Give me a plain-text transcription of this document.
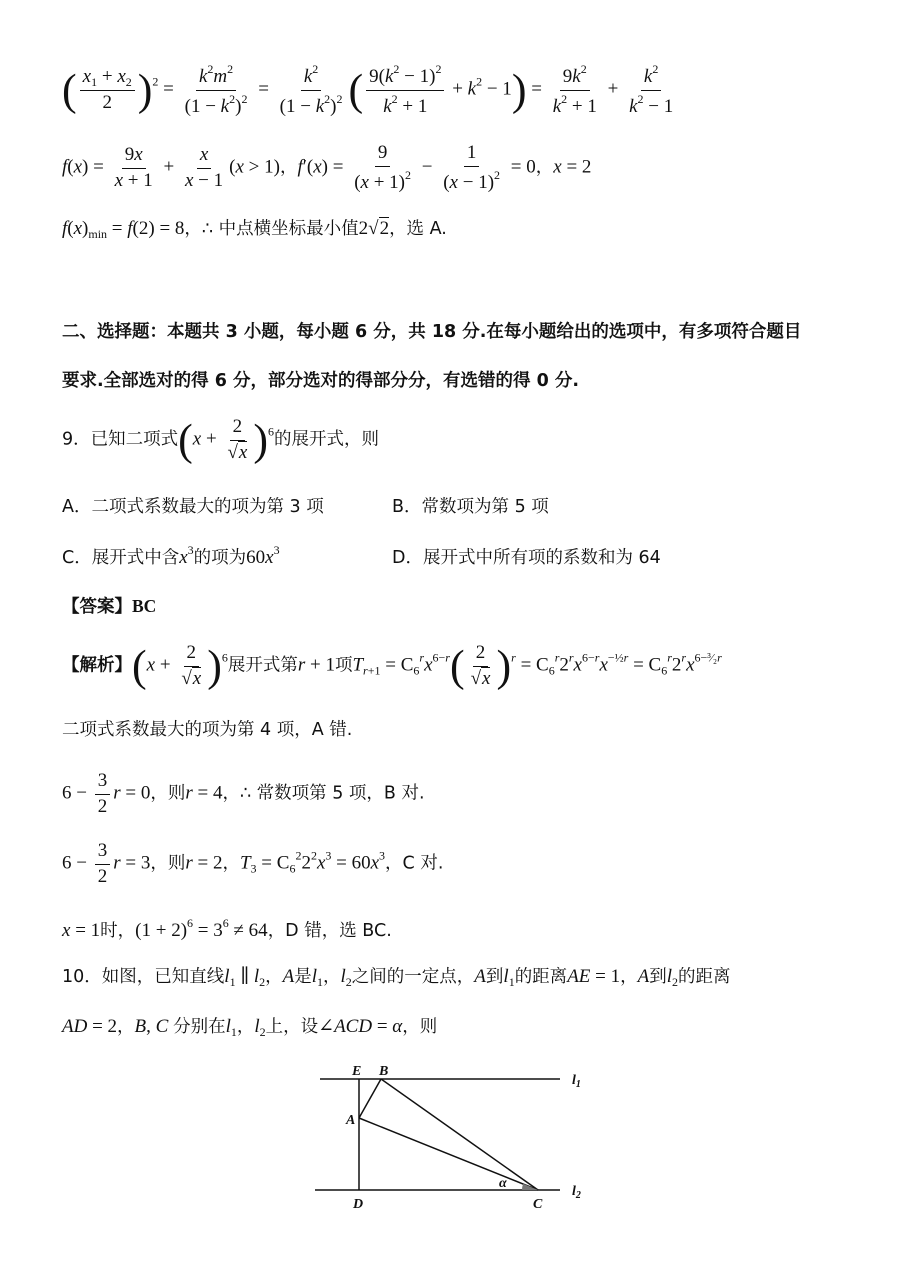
( $\frac{x_1 + x_2}{2} )^2 = \frac{k^2m^2}{(1 - k^2)^2} = \frac{k^2}{(1 - k^2)^2}$ ( $\frac{9(k^2 - 1)^2}{k^2 + 1} + k^2 - 1) = \frac{9k^2}{k^2 + 1} + \frac{k^2}{k^2 - 1}$
$f(x) = \frac{9x}{x + 1} + \frac{x}{x - 1} (x > 1)$，$f'(x) = \frac{9}{(x + 1)^2} - \frac{1}{(x - 1)^2} = 0$，x = 2
$f(x)_{min} = f(2) = 8$，∴ 中点横坐标最小值2√2，选 A.
二、选择题：本题共 3 小题，每小题 6 分，共 18 分.在每小题给出的选项中，有多项符合题目
要求.全部选对的得 6 分，部分选对的得部分分，有选错的得 0 分.
9．已知二项式$(x + \frac{2}{√x} )^6$的展开式，则
A．二项式系数最大的项为第 3 项	B．常数项为第 5 项
C．展开式中含$x^3$的项为$60x^3$	D．展开式中所有项的系数和为 64
【答案】BC
【解析】$(x + \frac{2}{√x} )^6$展开式第r + 1项$T_{r+1} = C_6^rx^{6-r}( \frac{2}{√x} )^r = C_6^r2^rx^{6-r}x^{-\frac{1}{2}r} = C_6^r2^rx^{6-^3⁄_2r}$
二项式系数最大的项为第 4 项，A 错.
$6 - \frac{3}{2}$ r = 0，则r = 4，∴ 常数项第 5 项，B 对.
$6 - \frac{3}{2}$ r = 3，则r = 2，$T_3 = C_6^22^2x^3 = 60x^3$，C 对.
x = 1时，$(1 + 2)^6 = 3^6 \ne 64$，D 错，选 BC.
10．如图，已知直线$l_1$ ∥ $l_2$，A是$l_1$，$l_2$之间的一定点，A到$l_1$的距离AE = 1，A到$l_2$的距离
AD = 2，B, C 分别在$l_1$，$l_2$上，设∠ACD = α，则
E B
A
D	C
α
$l_1$
$l_2$
